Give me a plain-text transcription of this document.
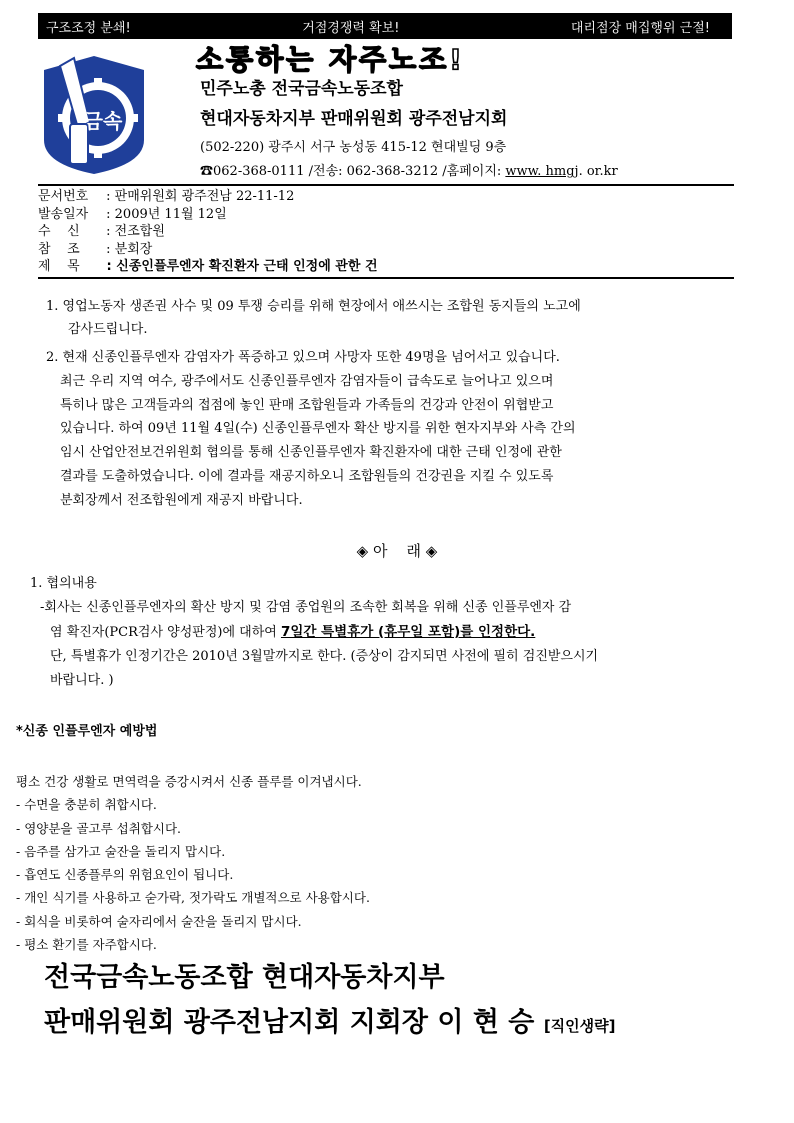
구조조정 분쇄!	거점경쟁력 확보!	대리점장 매집행위 근절!
금속
소통하는 자주노조!
민주노총 전국금속노동조합
현대자동차지부 판매위원회 광주전남지회
(502-220) 광주시 서구 농성동 415-12 현대빌딩 9층
☎062-368-0111 /전송: 062-368-3212 /홈페이지: www. hmgj. or.kr
문서번호	: 판매위원회 광주전남 22-11-12
발송일자	: 2009년 11월 12일
수    신	: 전조합원
참    조	: 분회장
제    목	: 신종인플루엔자 확진환자 근태 인정에 관한 건
1. 영업노동자 생존권 사수 및 09 투쟁 승리를 위해 현장에서 애쓰시는 조합원 동지들의 노고에
감사드립니다.
2. 현재 신종인플루엔자 감염자가 폭증하고 있으며 사망자 또한 49명을 넘어서고 있습니다.
최근 우리 지역 여수, 광주에서도 신종인플루엔자 감염자들이 급속도로 늘어나고 있으며
특히나 많은 고객들과의 접점에 놓인 판매 조합원들과 가족들의 건강과 안전이 위협받고
있습니다. 하여 09년 11월 4일(수) 신종인플루엔자 확산 방지를 위한 현자지부와 사측 간의
임시 산업안전보건위원회 협의를 통해 신종인플루엔자 확진환자에 대한 근태 인정에 관한
결과를 도출하였습니다. 이에 결과를 재공지하오니 조합원들의 건강권을 지킬 수 있도록
분회장께서 전조합원에게 재공지 바랍니다.
◈ 아    래 ◈
1. 협의내용
-회사는 신종인플루엔자의 확산 방지 및 감염 종업원의 조속한 회복을 위해 신종 인플루엔자 감
염 확진자(PCR검사 양성판정)에 대하여 7일간 특별휴가 (휴무일 포함)를 인정한다.
단, 특별휴가 인정기간은 2010년 3월말까지로 한다. (증상이 감지되면 사전에 필히 검진받으시기
바랍니다. )
*신종 인플루엔자 예방법
평소 건강 생활로 면역력을 증강시켜서 신종 플루를 이겨냅시다.
- 수면을 충분히 취합시다.
- 영양분을 골고루 섭취합시다.
- 음주를 삼가고 술잔을 돌리지 맙시다.
- 흡연도 신종플루의 위험요인이 됩니다.
- 개인 식기를 사용하고 숟가락, 젓가락도 개별적으로 사용합시다.
- 회식을 비롯하여 술자리에서 술잔을 돌리지 맙시다.
- 평소 환기를 자주합시다.
전국금속노동조합 현대자동차지부
판매위원회 광주전남지회 지회장 이 현 승 [직인생략]
